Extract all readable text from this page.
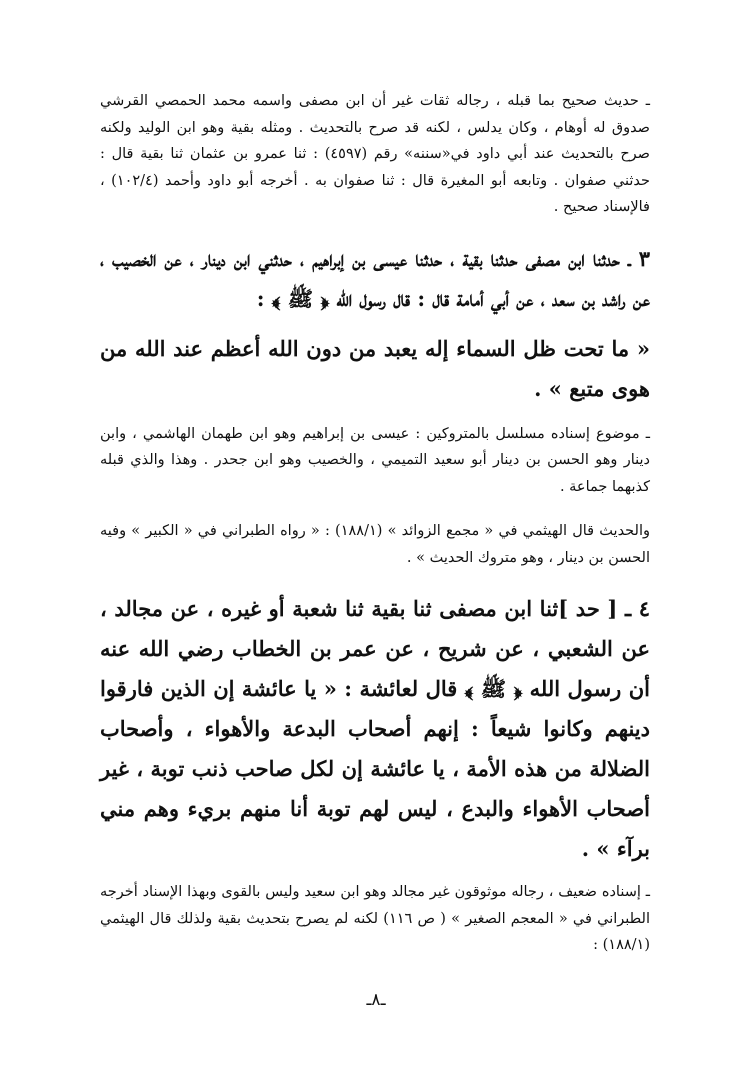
ـ حديث صحيح بما قبله ، رجاله ثقات غير أن ابن مصفى واسمه محمد الحمصي القرشي صدوق له أوهام ، وكان يدلس ، لكنه قد صرح بالتحديث . ومثله بقية وهو ابن الوليد ولكنه صرح بالتحديث عند أبي داود في«سننه» رقم (٤٥٩٧) : ثنا عمرو بن عثمان ثنا بقية قال : حدثني صفوان . وتابعه أبو المغيرة قال : ثنا صفوان به . أخرجه أبو داود وأحمد (١٠٢/٤) ، فالإسناد صحيح .

٣ ـ حدثنا ابن مصفى حدثنا بقية ، حدثنا عيسى بن إبراهيم ، حدثني ابن دينار ، عن الخصيب ، عن راشد بن سعد ، عن أبي أمامة قال : قال رسول الله ﴿ ﷺ ﴾ :

« ما تحت ظل السماء إله يعبد من دون الله أعظم عند الله من هوى متبع » .

ـ موضوع إسناده مسلسل بالمتروكين : عيسى بن إبراهيم وهو ابن طهمان الهاشمي ، وابن دينار وهو الحسن بن دينار أبو سعيد التميمي ، والخصيب وهو ابن جحدر . وهذا والذي قبله كذبهما جماعة .

والحديث قال الهيثمي في « مجمع الزوائد » (١٨٨/١) : « رواه الطبراني في « الكبير » وفيه الحسن بن دينار ، وهو متروك الحديث » .

٤ ـ [ حد ]ثنا ابن مصفى ثنا بقية ثنا شعبة أو غيره ، عن مجالد ، عن الشعبي ، عن شريح ، عن عمر بن الخطاب رضي الله عنه أن رسول الله ﴿ ﷺ ﴾ قال لعائشة : « يا عائشة إن الذين فارقوا دينهم وكانوا شيعاً : إنهم أصحاب البدعة والأهواء ، وأصحاب الضلالة من هذه الأمة ، يا عائشة إن لكل صاحب ذنب توبة ، غير أصحاب الأهواء والبدع ، ليس لهم توبة أنا منهم بريء وهم مني برآء » .

ـ إسناده ضعيف ، رجاله موثوقون غير مجالد وهو ابن سعيد وليس بالقوى وبهذا الإسناد أخرجه الطبراني في « المعجم الصغير » ( ص ١١٦) لكنه لم يصرح بتحديث بقية ولذلك قال الهيثمي (١٨٨/١) :

ـ٨ـ
